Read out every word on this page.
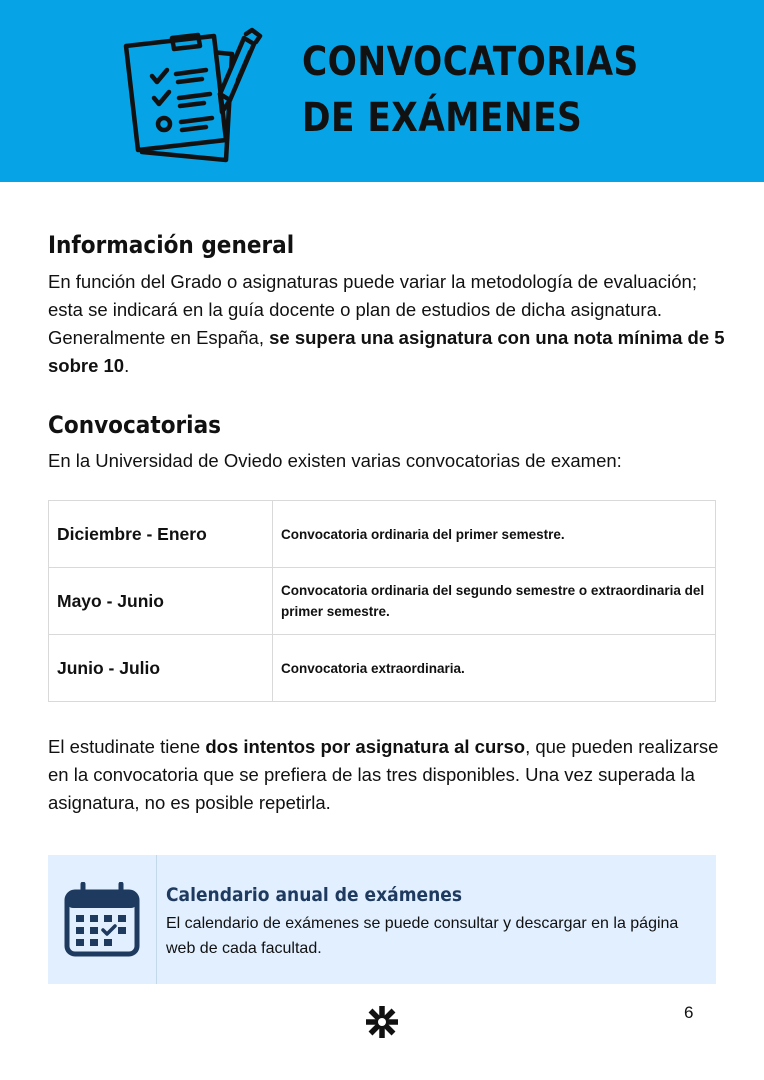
CONVOCATORIAS
DE EXÁMENES
Información general

En función del Grado o asignaturas puede variar la metodología de evaluación; esta se indicará en la guía docente o plan de estudios de dicha asignatura. Generalmente en España, se supera una asignatura con una nota mínima de 5 sobre 10.

Convocatorias

En la Universidad de Oviedo existen varias convocatorias de examen:

Diciembre - Enero	Convocatoria ordinaria del primer semestre.
Mayo - Junio	Convocatoria ordinaria del segundo semestre o extraordinaria del primer semestre.
Junio - Julio	Convocatoria extraordinaria.

El estudinate tiene dos intentos por asignatura al curso, que pueden realizarse en la convocatoria que se prefiera de las tres disponibles. Una vez superada la asignatura, no es posible repetirla.

Calendario anual de exámenes

El calendario de exámenes se puede consultar y descargar en la página web de cada facultad.

6
